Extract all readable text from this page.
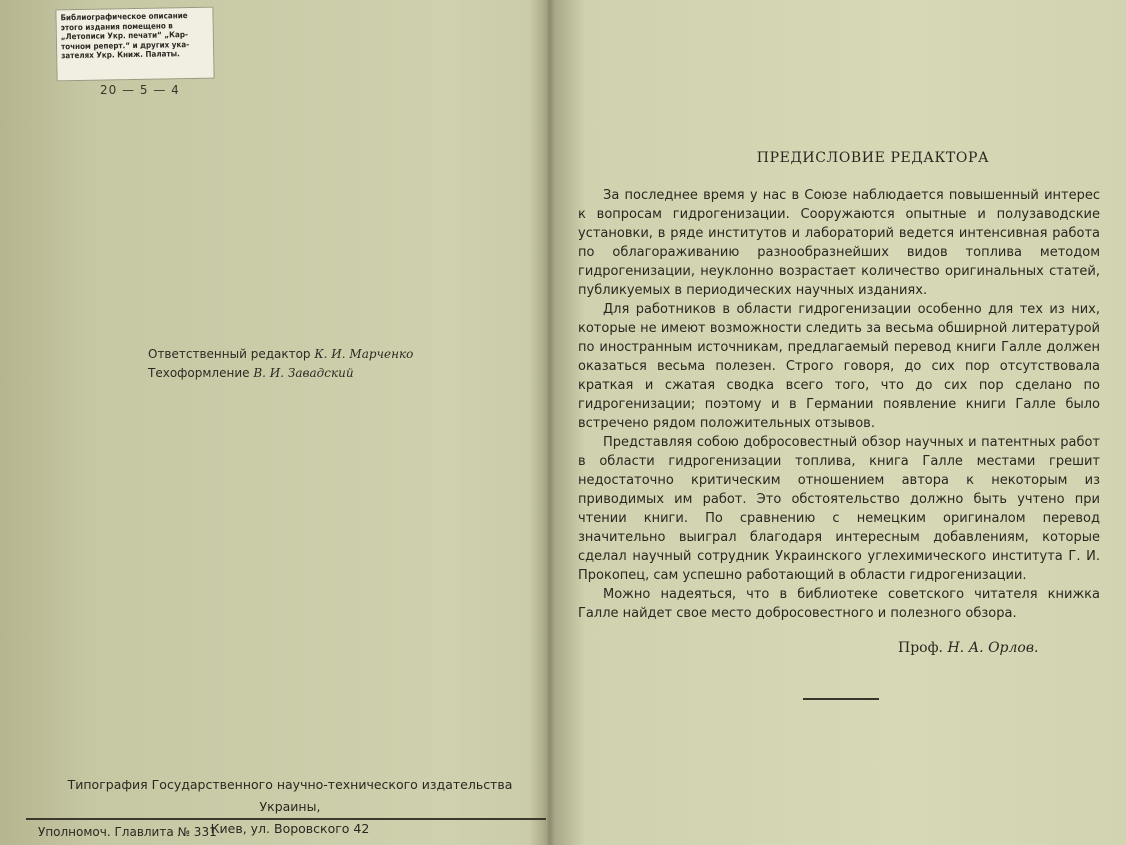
Библиографическое описание
этого издания помещено в
„Летописи Укр. печати“ „Кар-
точном реперт.“ и других ука-
зателях Укр. Книж. Палаты.
20 — 5 — 4
Ответственный редактор К. И. Марченко
Техоформление В. И. Завадский
Типография Государственного научно-технического издательства Украины,
Киев, ул. Воровского 42
Уполномоч. Главлита № 331
ПРЕДИСЛОВИЕ РЕДАКТОРА

За последнее время у нас в Союзе наблюдается повышенный интерес к вопросам гидрогенизации. Сооружаются опытные и полузаводские установки, в ряде институтов и лабораторий ведется интенсивная работа по облагораживанию разнообразнейших видов топлива методом гидрогенизации, неуклонно возрастает количество оригинальных статей, публикуемых в периодических научных изданиях.

Для работников в области гидрогенизации особенно для тех из них, которые не имеют возможности следить за весьма обширной литературой по иностранным источникам, предлагаемый перевод книги Галле должен оказаться весьма полезен. Строго говоря, до сих пор отсутствовала краткая и сжатая сводка всего того, что до сих пор сделано по гидрогенизации; поэтому и в Германии появление книги Галле было встречено рядом положительных отзывов.

Представляя собою добросовестный обзор научных и патентных работ в области гидрогенизации топлива, книга Галле местами грешит недостаточно критическим отношением автора к некоторым из приводимых им работ. Это обстоятельство должно быть учтено при чтении книги. По сравнению с немецким оригиналом перевод значительно выиграл благодаря интересным добавлениям, которые сделал научный сотрудник Украинского углехимического института Г. И. Прокопец, сам успешно работающий в области гидрогенизации.

Можно надеяться, что в библиотеке советского читателя книжка Галле найдет свое место добросовестного и полезного обзора.

Проф. Н. А. Орлов.
